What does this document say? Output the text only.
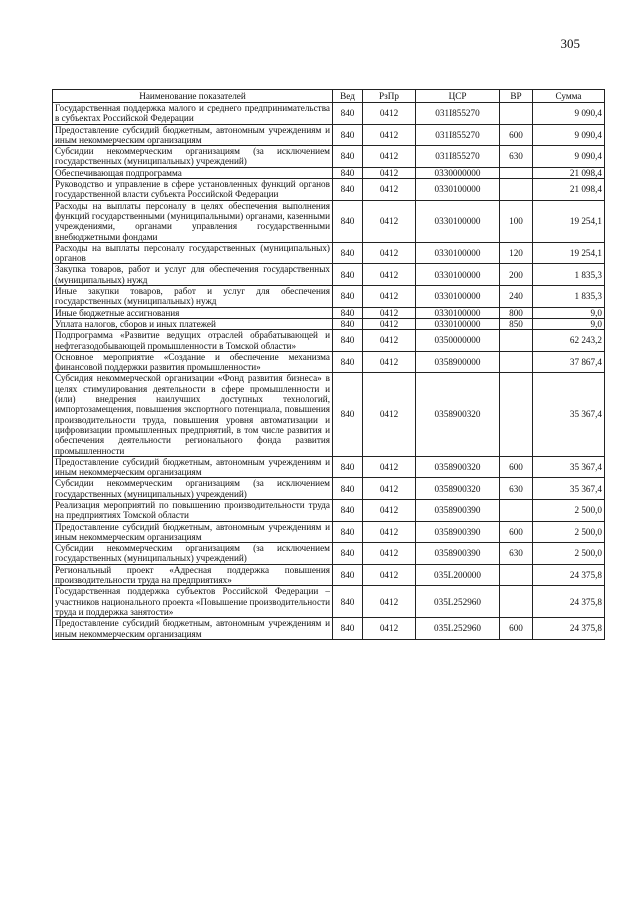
305
Наименование показателей	Вед	РзПр	ЦСР	ВР	Сумма
Государственная поддержка малого и среднего предпринимательства в субъектах Российской Федерации	840	0412	031I855270		9 090,4
Предоставление субсидий бюджетным, автономным учреждениям и иным некоммерческим организациям	840	0412	031I855270	600	9 090,4
Субсидии некоммерческим организациям (за исключением государственных (муниципальных) учреждений)	840	0412	031I855270	630	9 090,4
Обеспечивающая подпрограмма	840	0412	0330000000		21 098,4
Руководство и управление в сфере установленных функций органов государственной власти субъекта Российской Федерации	840	0412	0330100000		21 098,4
Расходы на выплаты персоналу в целях обеспечения выполнения функций государственными (муниципальными) органами, казенными учреждениями, органами управления государственными внебюджетными фондами	840	0412	0330100000	100	19 254,1
Расходы на выплаты персоналу государственных (муниципальных) органов	840	0412	0330100000	120	19 254,1
Закупка товаров, работ и услуг для обеспечения государственных (муниципальных) нужд	840	0412	0330100000	200	1 835,3
Иные закупки товаров, работ и услуг для обеспечения государственных (муниципальных) нужд	840	0412	0330100000	240	1 835,3
Иные бюджетные ассигнования	840	0412	0330100000	800	9,0
Уплата налогов, сборов и иных платежей	840	0412	0330100000	850	9,0
Подпрограмма «Развитие ведущих отраслей обрабатывающей и нефтегазодобывающей промышленности в Томской области»	840	0412	0350000000		62 243,2
Основное мероприятие «Создание и обеспечение механизма финансовой поддержки развития промышленности»	840	0412	0358900000		37 867,4
Субсидия некоммерческой организации «Фонд развития бизнеса» в целях стимулирования деятельности в сфере промышленности и (или) внедрения наилучших доступных технологий, импортозамещения, повышения экспортного потенциала, повышения производительности труда, повышения уровня автоматизации и цифровизации промышленных предприятий, в том числе развития и обеспечения деятельности регионального фонда развития промышленности	840	0412	0358900320		35 367,4
Предоставление субсидий бюджетным, автономным учреждениям и иным некоммерческим организациям	840	0412	0358900320	600	35 367,4
Субсидии некоммерческим организациям (за исключением государственных (муниципальных) учреждений)	840	0412	0358900320	630	35 367,4
Реализация мероприятий по повышению производительности труда на предприятиях Томской области	840	0412	0358900390		2 500,0
Предоставление субсидий бюджетным, автономным учреждениям и иным некоммерческим организациям	840	0412	0358900390	600	2 500,0
Субсидии некоммерческим организациям (за исключением государственных (муниципальных) учреждений)	840	0412	0358900390	630	2 500,0
Региональный проект «Адресная поддержка повышения производительности труда на предприятиях»	840	0412	035L200000		24 375,8
Государственная поддержка субъектов Российской Федерации – участников национального проекта «Повышение производительности труда и поддержка занятости»	840	0412	035L252960		24 375,8
Предоставление субсидий бюджетным, автономным учреждениям и иным некоммерческим организациям	840	0412	035L252960	600	24 375,8
